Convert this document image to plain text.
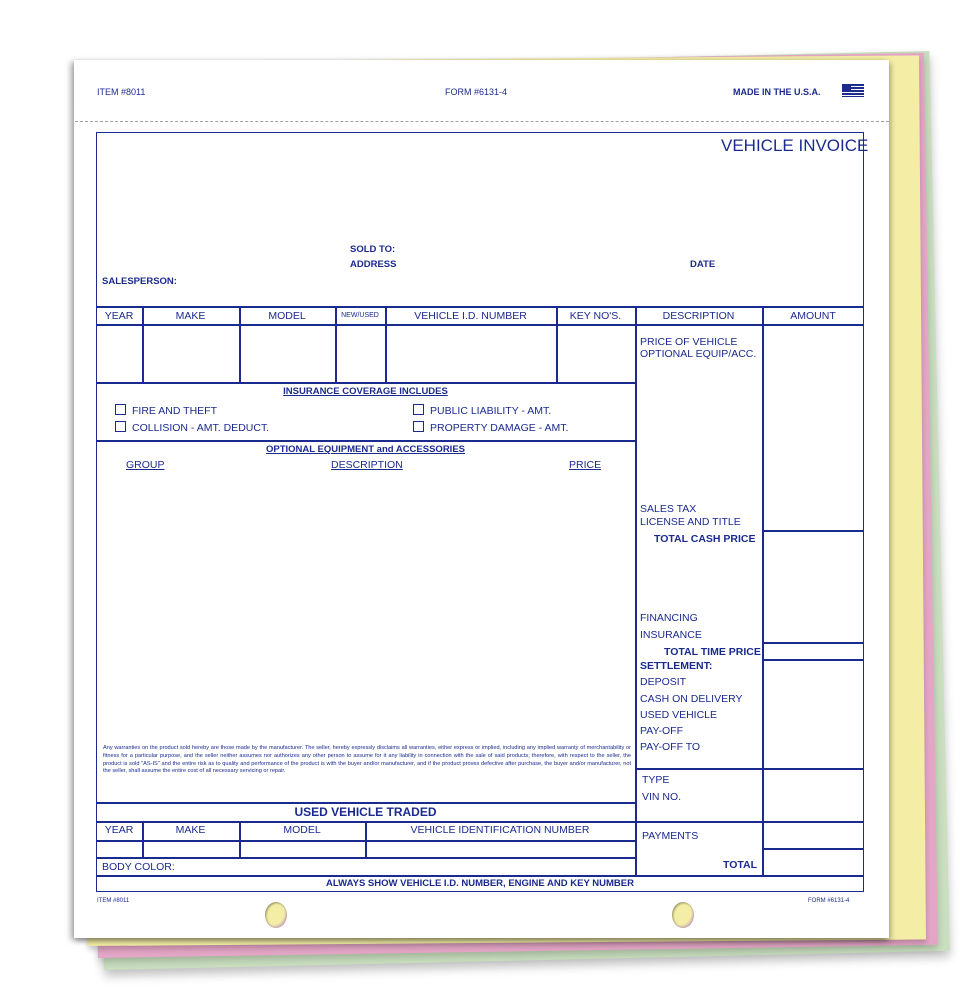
ITEM #8011	FORM #6131-4	MADE IN THE U.S.A.
VEHICLE INVOICE
SOLD TO:
ADDRESS	DATE
SALESPERSON:
YEAR	MAKE	MODEL	NEW/USED	VEHICLE I.D. NUMBER	KEY NO'S.	DESCRIPTION	AMOUNT
INSURANCE COVERAGE INCLUDES
FIRE AND THEFT	PUBLIC LIABILITY - AMT.
COLLISION - AMT. DEDUCT.	PROPERTY DAMAGE - AMT.
OPTIONAL EQUIPMENT and ACCESSORIES
GROUP	DESCRIPTION	PRICE
PRICE OF VEHICLE
OPTIONAL EQUIP/ACC.
SALES TAX
LICENSE AND TITLE
TOTAL CASH PRICE
FINANCING
INSURANCE
TOTAL TIME PRICE
SETTLEMENT:
DEPOSIT
CASH ON DELIVERY
USED VEHICLE
PAY-OFF
PAY-OFF TO
TYPE
VIN NO.
PAYMENTS
TOTAL
Any warranties on the product sold hereby are those made by the manufacturer. The seller, hereby expressly disclaims all warranties, either express or implied, including any implied warranty of merchantability or fitness for a particular purpose, and the seller neither assumes nor authorizes any other person to assume for it any liability in connection with the sale of said products; therefore, with respect to the seller, the product is sold "AS-IS" and the entire risk as to quality and performance of the product is with the buyer and/or manufacturer, and if the product proves defective after purchase, the buyer and/or manufacturer, not the seller, shall assume the entire cost of all necessary servicing or repair.
USED VEHICLE TRADED
YEAR	MAKE	MODEL	VEHICLE IDENTIFICATION NUMBER
BODY COLOR:
ALWAYS SHOW VEHICLE I.D. NUMBER, ENGINE AND KEY NUMBER
ITEM #8011	FORM #6131-4
